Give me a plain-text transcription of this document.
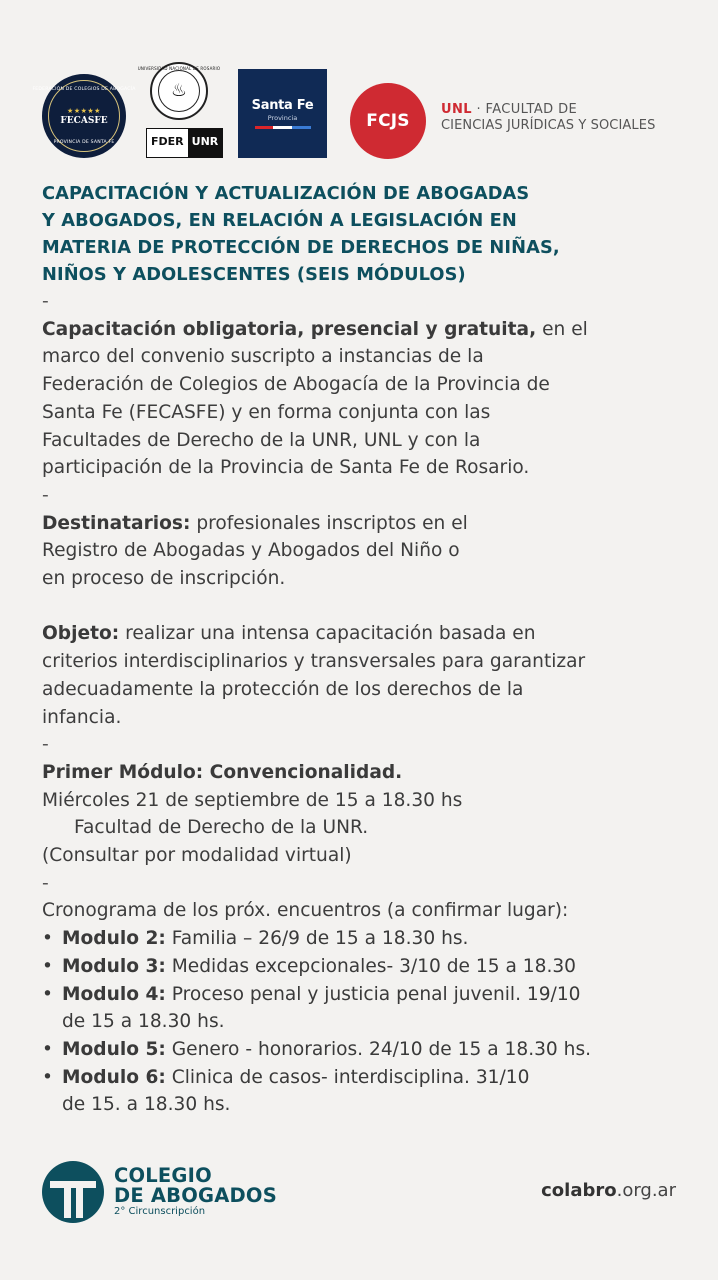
FEDERACIÓN DE COLEGIOS DE ABOGACÍA
★★★★★
FECASFE
PROVINCIA DE SANTA FE
UNIVERSIDAD NACIONAL DE ROSARIO
♨
FDER UNR
Santa Fe
Provincia	FCJS
UNL · FACULTAD DE
CIENCIAS JURÍDICAS Y SOCIALES
CAPACITACIÓN Y ACTUALIZACIÓN DE ABOGADAS
Y ABOGADOS, EN RELACIÓN A LEGISLACIÓN EN
MATERIA DE PROTECCIÓN DE DERECHOS DE NIÑAS,
NIÑOS Y ADOLESCENTES (SEIS MÓDULOS)
-
Capacitación obligatoria, presencial y gratuita, en el
marco del convenio suscripto a instancias de la
Federación de Colegios de Abogacía de la Provincia de
Santa Fe (FECASFE) y en forma conjunta con las
Facultades de Derecho de la UNR, UNL y con la
participación de la Provincia de Santa Fe de Rosario.
-
Destinatarios: profesionales inscriptos en el
Registro de Abogadas y Abogados del Niño o
en proceso de inscripción.
Objeto: realizar una intensa capacitación basada en
criterios interdisciplinarios y transversales para garantizar
adecuadamente la protección de los derechos de la
infancia.
-
Primer Módulo: Convencionalidad.
Miércoles 21 de septiembre de 15 a 18.30 hs
Facultad de Derecho de la UNR.
(Consultar por modalidad virtual)
-
Cronograma de los próx. encuentros (a confirmar lugar):
• Modulo 2: Familia – 26/9 de 15 a 18.30 hs.
• Modulo 3: Medidas excepcionales- 3/10 de 15 a 18.30
• Modulo 4: Proceso penal y justicia penal juvenil. 19/10
de 15 a 18.30 hs.
• Modulo 5: Genero - honorarios. 24/10 de 15 a 18.30 hs.
• Modulo 6: Clinica de casos- interdisciplina. 31/10
de 15. a 18.30 hs.
COLEGIO
DE ABOGADOS
2° Circunscripción
colabro.org.ar
